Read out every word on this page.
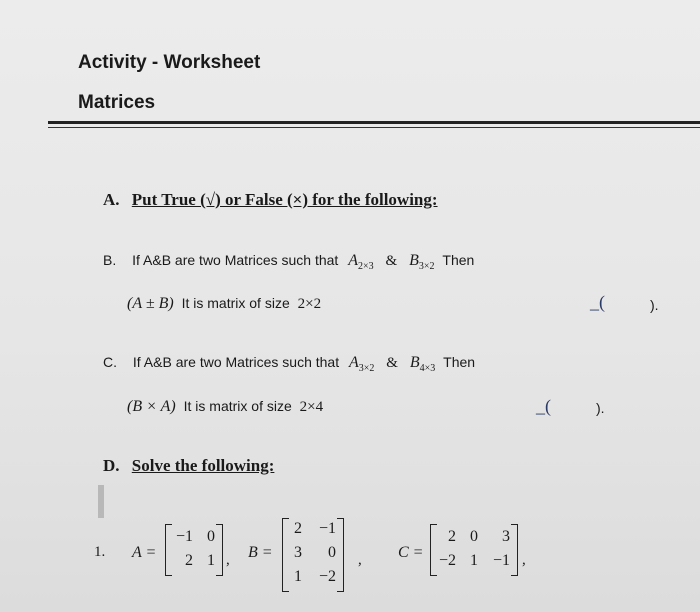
Activity - Worksheet
Matrices
A. Put True (√) or False (×) for the following:
B. If A&B are two Matrices such that $A_{2\times 3}$ & $B_{3\times 2}$ Then
(A ± B) It is matrix of size 2×2	_(	).
C. If A&B are two Matrices such that $A_{3\times 2}$ & $B_{4\times 3}$ Then
(B × A) It is matrix of size 2×4	_(	).
D. Solve the following:
1. A =
−1 0
2 1 , B =
2	−1
3	0
1	−2
, C =
2 0	3
−2 1 −1 ,
